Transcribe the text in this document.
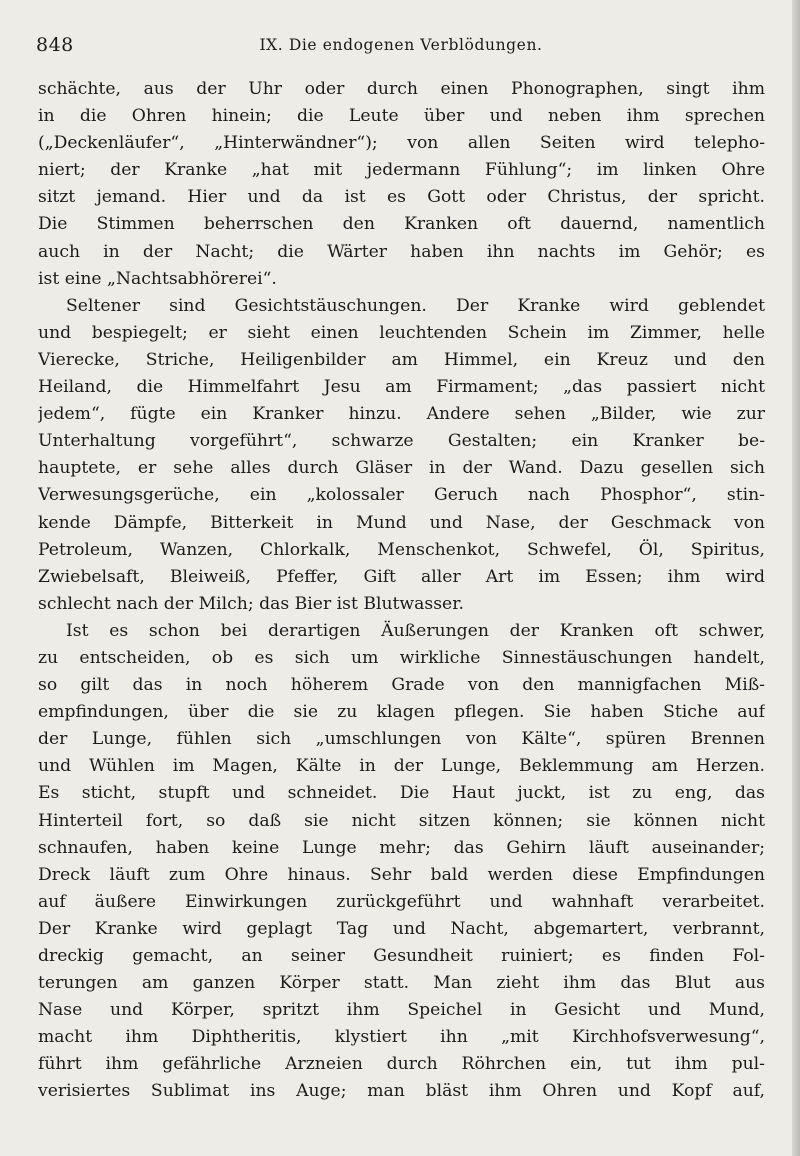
848	IX. Die endogenen Verblödungen.
schächte, aus der Uhr oder durch einen Phonographen, singt ihm
in die Ohren hinein; die Leute über und neben ihm sprechen
(„Deckenläufer“, „Hinterwändner“); von allen Seiten wird telepho-
niert; der Kranke „hat mit jedermann Fühlung“; im linken Ohre
sitzt jemand. Hier und da ist es Gott oder Christus, der spricht.
Die Stimmen beherrschen den Kranken oft dauernd, namentlich
auch in der Nacht; die Wärter haben ihn nachts im Gehör; es
ist eine „Nachtsabhörerei“.
Seltener sind Gesichtstäuschungen. Der Kranke wird geblendet
und bespiegelt; er sieht einen leuchtenden Schein im Zimmer, helle
Vierecke, Striche, Heiligenbilder am Himmel, ein Kreuz und den
Heiland, die Himmelfahrt Jesu am Firmament; „das passiert nicht
jedem“, fügte ein Kranker hinzu. Andere sehen „Bilder, wie zur
Unterhaltung vorgeführt“, schwarze Gestalten; ein Kranker be-
hauptete, er sehe alles durch Gläser in der Wand. Dazu gesellen sich
Verwesungsgerüche, ein „kolossaler Geruch nach Phosphor“, stin-
kende Dämpfe, Bitterkeit in Mund und Nase, der Geschmack von
Petroleum, Wanzen, Chlorkalk, Menschenkot, Schwefel, Öl, Spiritus,
Zwiebelsaft, Bleiweiß, Pfeffer, Gift aller Art im Essen; ihm wird
schlecht nach der Milch; das Bier ist Blutwasser.
Ist es schon bei derartigen Äußerungen der Kranken oft schwer,
zu entscheiden, ob es sich um wirkliche Sinnestäuschungen handelt,
so gilt das in noch höherem Grade von den mannigfachen Miß-
empfindungen, über die sie zu klagen pflegen. Sie haben Stiche auf
der Lunge, fühlen sich „umschlungen von Kälte“, spüren Brennen
und Wühlen im Magen, Kälte in der Lunge, Beklemmung am Herzen.
Es sticht, stupft und schneidet. Die Haut juckt, ist zu eng, das
Hinterteil fort, so daß sie nicht sitzen können; sie können nicht
schnaufen, haben keine Lunge mehr; das Gehirn läuft auseinander;
Dreck läuft zum Ohre hinaus. Sehr bald werden diese Empfindungen
auf äußere Einwirkungen zurückgeführt und wahnhaft verarbeitet.
Der Kranke wird geplagt Tag und Nacht, abgemartert, verbrannt,
dreckig gemacht, an seiner Gesundheit ruiniert; es finden Fol-
terungen am ganzen Körper statt. Man zieht ihm das Blut aus
Nase und Körper, spritzt ihm Speichel in Gesicht und Mund,
macht ihm Diphtheritis, klystiert ihn „mit Kirchhofsverwesung“,
führt ihm gefährliche Arzneien durch Röhrchen ein, tut ihm pul-
verisiertes Sublimat ins Auge; man bläst ihm Ohren und Kopf auf,
